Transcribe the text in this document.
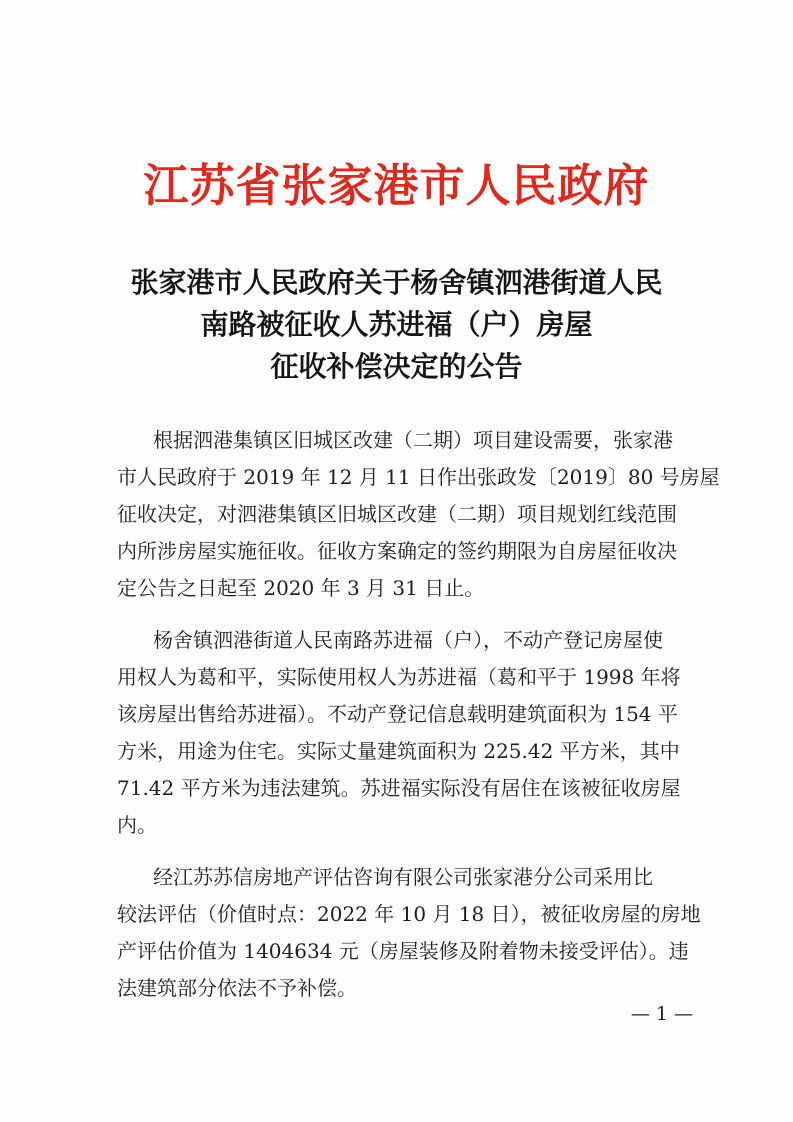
江苏省张家港市人民政府
张家港市人民政府关于杨舍镇泗港街道人民
南路被征收人苏进福（户）房屋
征收补偿决定的公告

根据泗港集镇区旧城区改建（二期）项目建设需要，张家港
市人民政府于 2019 年 12 月 11 日作出张政发〔2019〕80 号房屋
征收决定，对泗港集镇区旧城区改建（二期）项目规划红线范围
内所涉房屋实施征收。征收方案确定的签约期限为自房屋征收决
定公告之日起至 2020 年 3 月 31 日止。

杨舍镇泗港街道人民南路苏进福（户），不动产登记房屋使
用权人为葛和平，实际使用权人为苏进福（葛和平于 1998 年将
该房屋出售给苏进福）。不动产登记信息载明建筑面积为 154 平
方米，用途为住宅。实际丈量建筑面积为 225.42 平方米，其中
71.42 平方米为违法建筑。苏进福实际没有居住在该被征收房屋
内。

经江苏苏信房地产评估咨询有限公司张家港分公司采用比
较法评估（价值时点：2022 年 10 月 18 日），被征收房屋的房地
产评估价值为 1404634 元（房屋装修及附着物未接受评估）。违
法建筑部分依法不予补偿。

— 1 —
